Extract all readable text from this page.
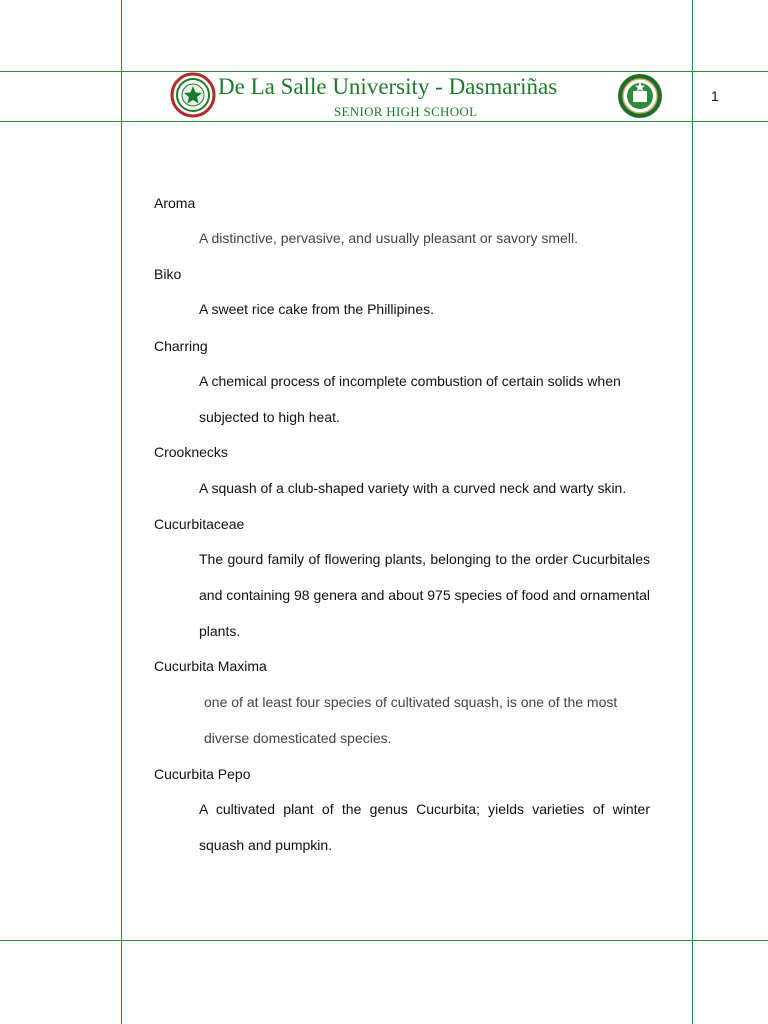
De La Salle University - Dasmariñas
SENIOR HIGH SCHOOL
1
Aroma
A distinctive, pervasive, and usually pleasant or savory smell.
Biko
A sweet rice cake from the Phillipines.
Charring
A chemical process of incomplete combustion of certain solids when subjected to high heat.
Crooknecks
A squash of a club-shaped variety with a curved neck and warty skin.
Cucurbitaceae
The gourd family of flowering plants, belonging to the order Cucurbitales and containing 98 genera and about 975 species of food and ornamental plants.
Cucurbita Maxima
one of at least four species of cultivated squash, is one of the most diverse domesticated species.
Cucurbita Pepo
A cultivated plant of the genus Cucurbita; yields varieties of winter squash and pumpkin.
